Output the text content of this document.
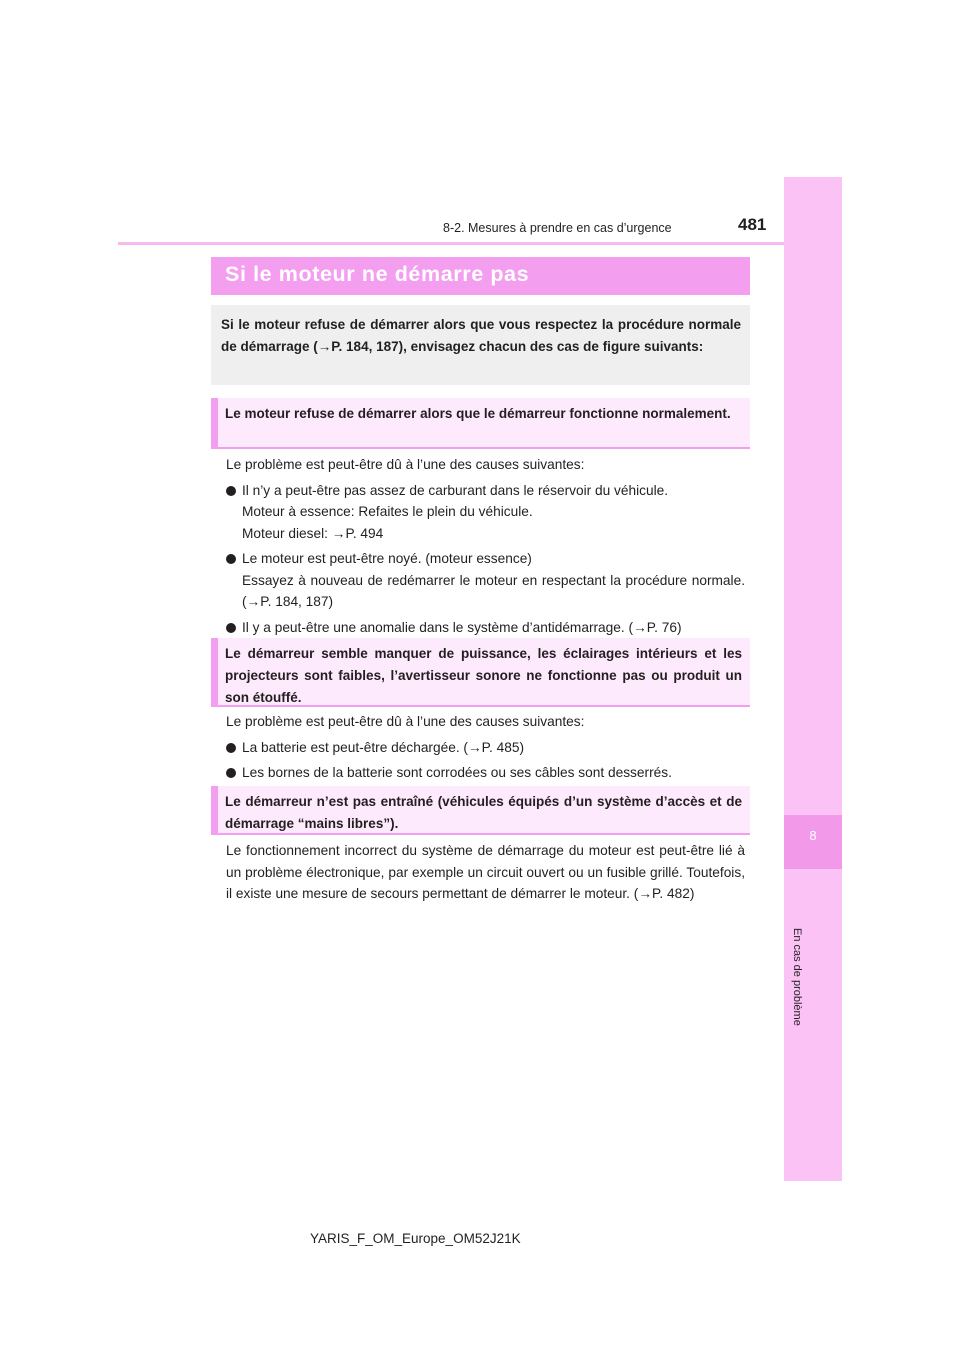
8-2. Mesures à prendre en cas d’urgence	481
8
En cas de problème
Si le moteur ne démarre pas
Si le moteur refuse de démarrer alors que vous respectez la procédure normale de démarrage (→P. 184, 187), envisagez chacun des cas de figure suivants:
Le moteur refuse de démarrer alors que le démarreur fonctionne normalement.

Le problème est peut-être dû à l’une des causes suivantes:

Il n’y a peut-être pas assez de carburant dans le réservoir du véhicule.

Moteur à essence: Refaites le plein du véhicule.

Moteur diesel: →P. 494

Le moteur est peut-être noyé. (moteur essence)

Essayez à nouveau de redémarrer le moteur en respectant la procédure normale. (→P. 184, 187)

Il y a peut-être une anomalie dans le système d’antidémarrage. (→P. 76)

Le démarreur semble manquer de puissance, les éclairages intérieurs et les projecteurs sont faibles, l’avertisseur sonore ne fonctionne pas ou produit un son étouffé.

Le problème est peut-être dû à l’une des causes suivantes:

La batterie est peut-être déchargée. (→P. 485)

Les bornes de la batterie sont corrodées ou ses câbles sont desserrés.

Le démarreur n’est pas entraîné (véhicules équipés d’un système d’accès et de démarrage “mains libres”).
Le fonctionnement incorrect du système de démarrage du moteur est peut-être lié à un problème électronique, par exemple un circuit ouvert ou un fusible grillé. Toutefois, il existe une mesure de secours permettant de démarrer le moteur. (→P. 482)
YARIS_F_OM_Europe_OM52J21K
